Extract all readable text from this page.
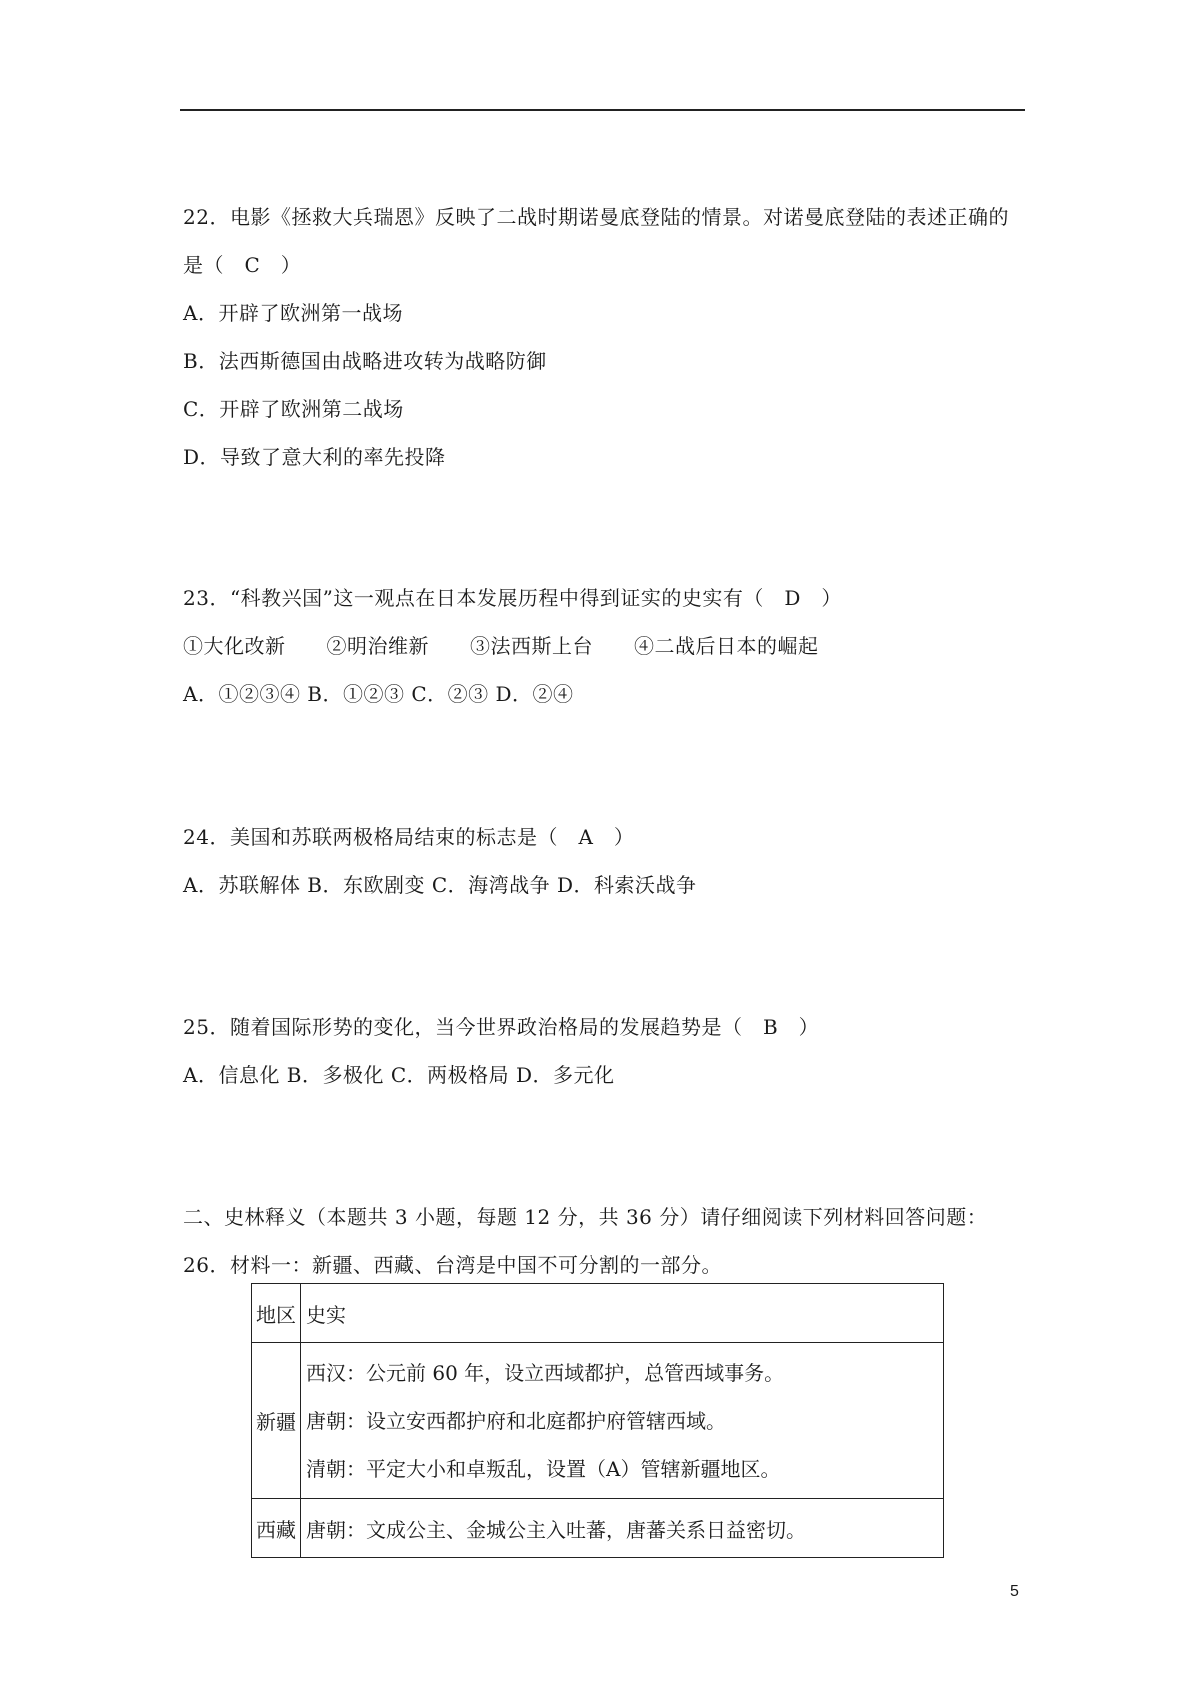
22．电影《拯救大兵瑞恩》反映了二战时期诺曼底登陆的情景。对诺曼底登陆的表述正确的
是（　C　）
A．开辟了欧洲第一战场
B．法西斯德国由战略进攻转为战略防御
C．开辟了欧洲第二战场
D．导致了意大利的率先投降
23．“科教兴国”这一观点在日本发展历程中得到证实的史实有（　D　）
①大化改新　　②明治维新　　③法西斯上台　　④二战后日本的崛起
A．①②③④ B．①②③ C．②③ D．②④
24．美国和苏联两极格局结束的标志是（　A　）
A．苏联解体 B．东欧剧变 C．海湾战争 D．科索沃战争
25．随着国际形势的变化，当今世界政治格局的发展趋势是（　B　）
A．信息化 B．多极化 C．两极格局 D．多元化
二、史林释义（本题共 3 小题，每题 12 分，共 36 分）请仔细阅读下列材料回答问题：
26．材料一：新疆、西藏、台湾是中国不可分割的一部分。
地区	史实
新疆	西汉：公元前 60 年，设立西域都护，总管西域事务。
唐朝：设立安西都护府和北庭都护府管辖西域。
清朝：平定大小和卓叛乱，设置（A）管辖新疆地区。

西藏	唐朝：文成公主、金城公主入吐蕃，唐蕃关系日益密切。
5
